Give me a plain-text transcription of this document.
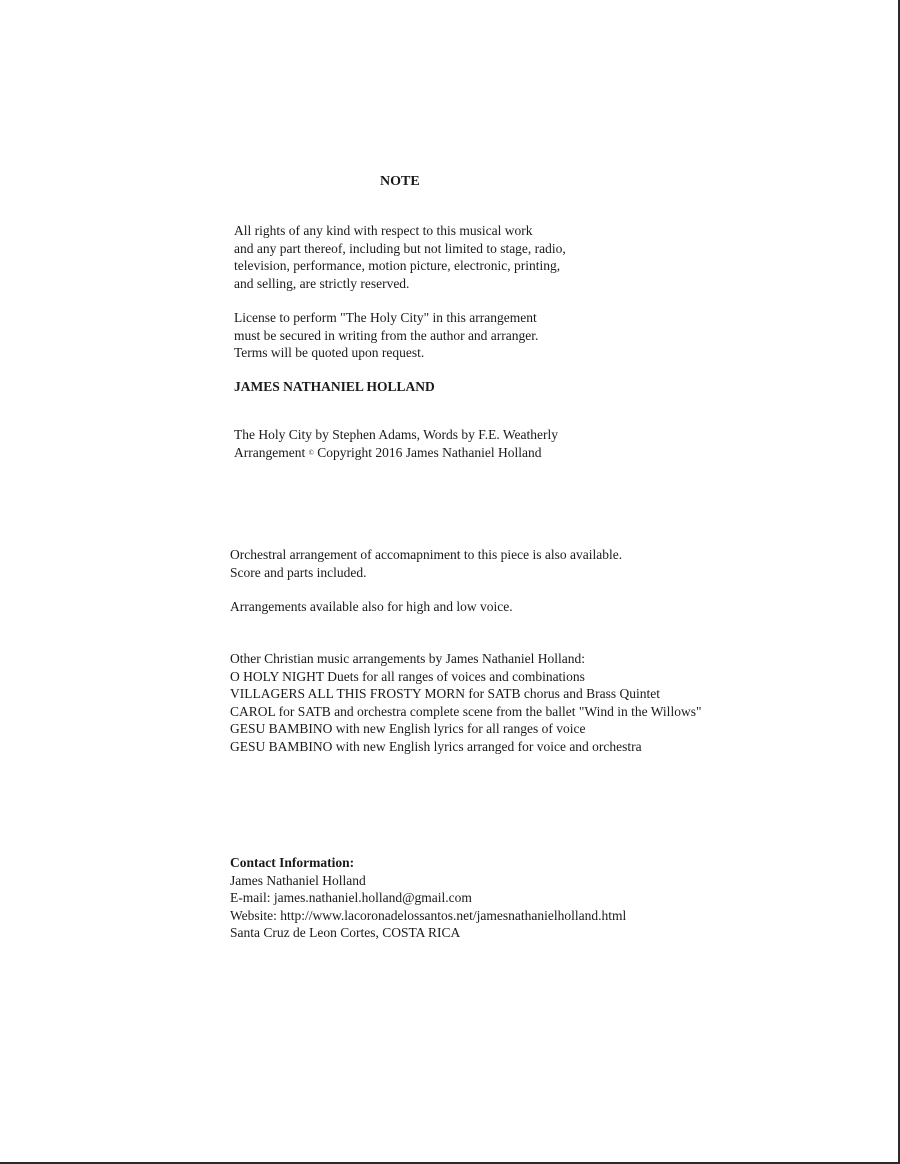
NOTE
All rights of any kind with respect to this musical work
and any part thereof, including but not limited to stage, radio,
television, performance, motion picture, electronic, printing,
and selling, are strictly reserved.
License to perform "The Holy City" in this arrangement
must be secured in writing from the author and arranger.
Terms will be quoted upon request.
JAMES NATHANIEL HOLLAND
The Holy City by Stephen Adams, Words by F.E. Weatherly
Arrangement © Copyright 2016 James Nathaniel Holland
Orchestral arrangement of accomapniment to this piece is also available.
Score and parts included.
Arrangements available also for high and low voice.
Other Christian music arrangements by James Nathaniel Holland:
O HOLY NIGHT Duets for all ranges of voices and combinations
VILLAGERS ALL THIS FROSTY MORN for SATB chorus and Brass Quintet
CAROL for SATB and orchestra complete scene from the ballet "Wind in the Willows"
GESU BAMBINO with new English lyrics for all ranges of voice
GESU BAMBINO with new English lyrics arranged for voice and orchestra
Contact Information:
James Nathaniel Holland
E-mail: james.nathaniel.holland@gmail.com
Website: http://www.lacoronadelossantos.net/jamesnathanielholland.html
Santa Cruz de Leon Cortes, COSTA RICA
